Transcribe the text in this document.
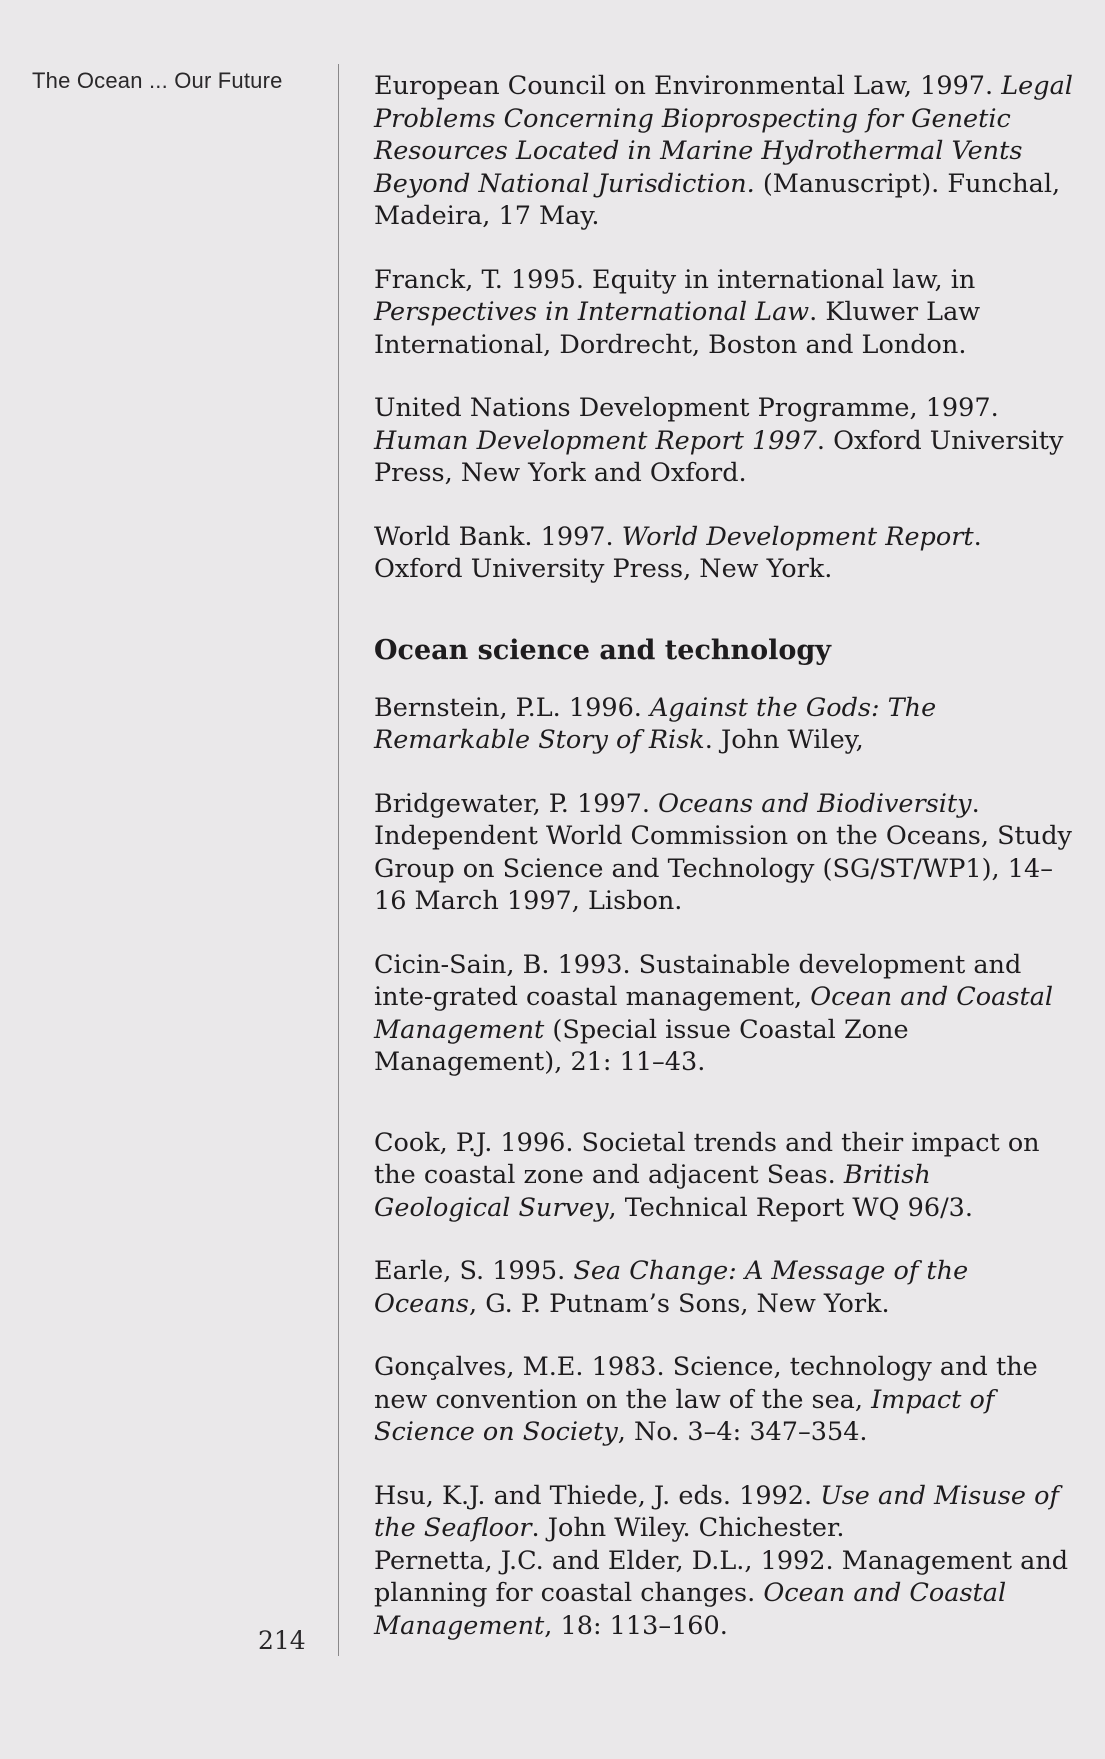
The Ocean ... Our Future
214

European Council on Environmental Law, 1997. Legal Problems Concerning Bioprospecting for Genetic Resources Located in Marine Hydrothermal Vents Beyond National Jurisdiction. (Manuscript). Funchal, Madeira, 17 May.

Franck, T. 1995. Equity in international law, in Perspectives in International Law. Kluwer Law International, Dordrecht, Boston and London.

United Nations Development Programme, 1997. Human Development Report 1997. Oxford University Press, New York and Oxford.

World Bank. 1997. World Development Report. Oxford University Press, New York.

Ocean science and technology

Bernstein, P.L. 1996. Against the Gods: The Remarkable Story of Risk. John Wiley,

Bridgewater, P. 1997. Oceans and Biodiversity. Independent World Commission on the Oceans, Study Group on Science and Technology (SG/ST/WP1), 14–16 March 1997, Lisbon.

Cicin-Sain, B. 1993. Sustainable development and inte-grated coastal management, Ocean and Coastal Management (Special issue Coastal Zone Management), 21: 11–43.

Cook, P.J. 1996. Societal trends and their impact on the coastal zone and adjacent Seas. British Geological Survey, Technical Report WQ 96/3.

Earle, S. 1995. Sea Change: A Message of the Oceans, G. P. Putnam’s Sons, New York.

Gonçalves, M.E. 1983. Science, technology and the new convention on the law of the sea, Impact of Science on Society, No. 3–4: 347–354.

Hsu, K.J. and Thiede, J. eds. 1992. Use and Misuse of the Seafloor. John Wiley. Chichester.

Pernetta, J.C. and Elder, D.L., 1992. Management and planning for coastal changes. Ocean and Coastal Management, 18: 113–160.
